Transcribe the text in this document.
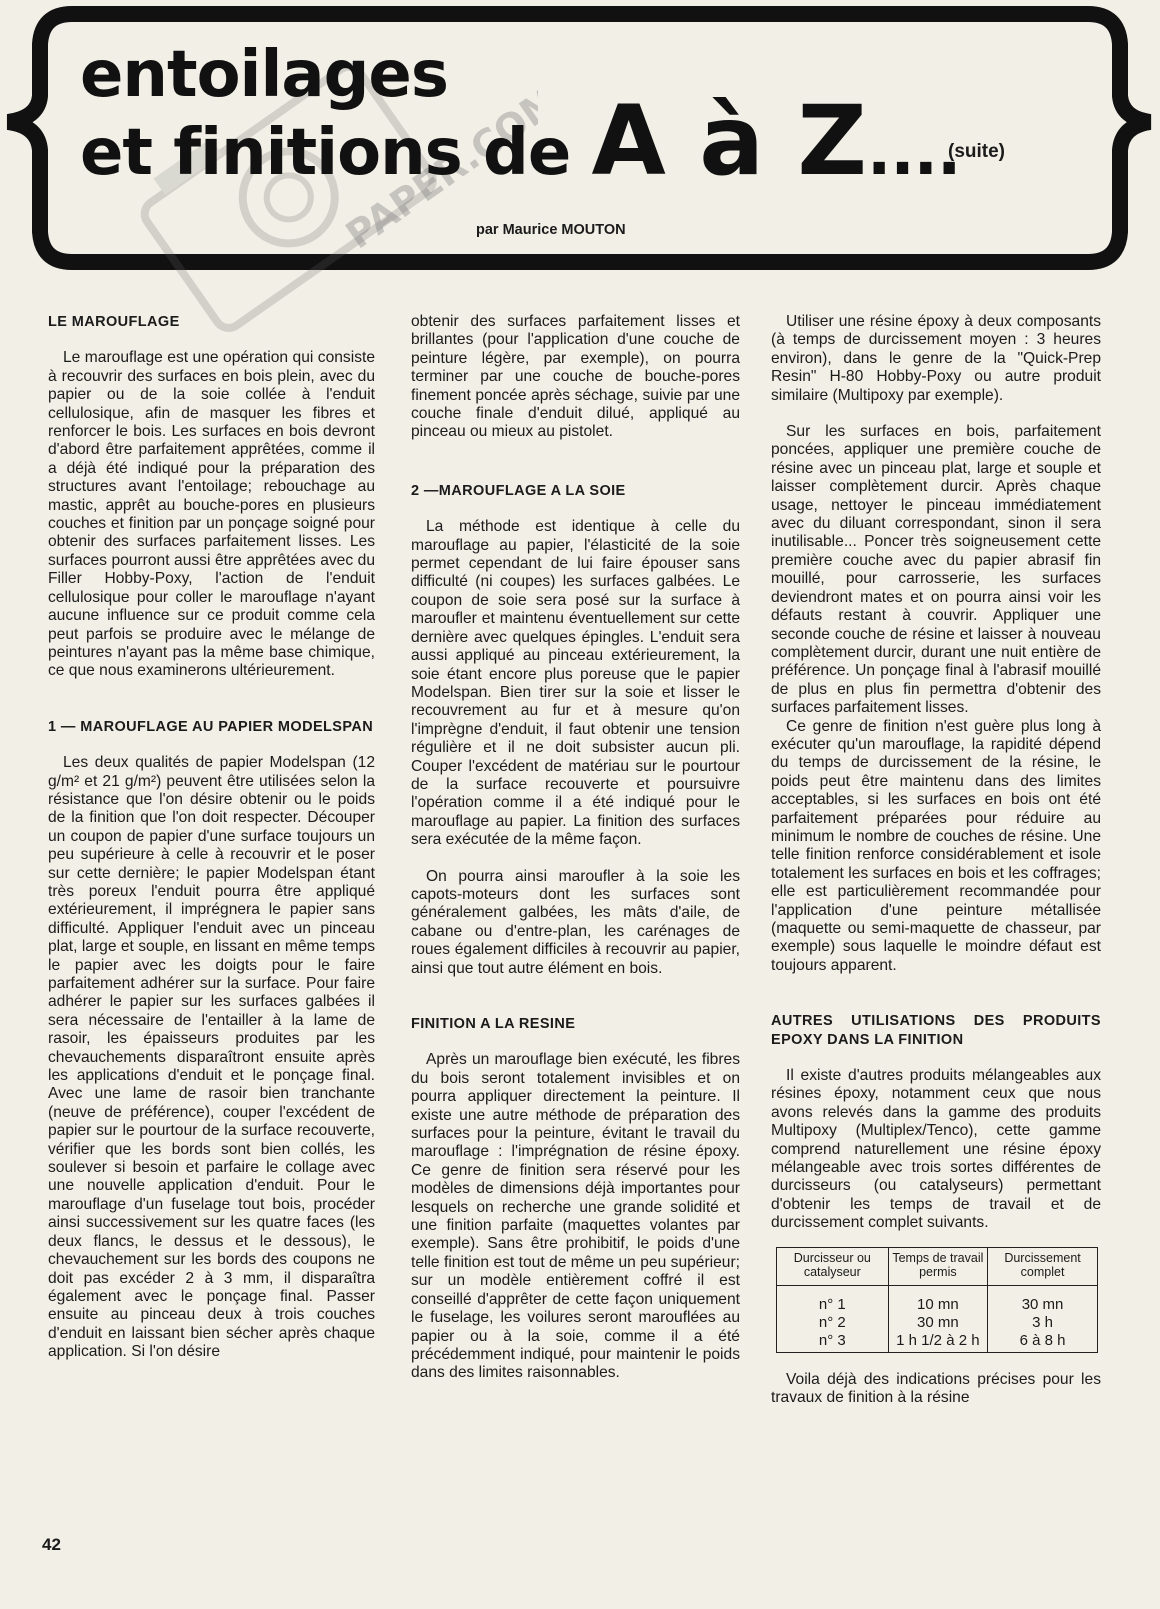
PAPER.COM
entoilages
et finitions de A à Z....
(suite)
par Maurice MOUTON
LE MAROUFLAGE

Le marouflage est une opération qui consiste à recouvrir des surfaces en bois plein, avec du papier ou de la soie collée à l'enduit cellulosique, afin de masquer les fibres et renforcer le bois. Les surfaces en bois devront d'abord être parfaitement apprêtées, comme il a déjà été indiqué pour la préparation des structures avant l'entoilage; rebouchage au mastic, apprêt au bouche-pores en plusieurs couches et finition par un ponçage soigné pour obtenir des surfaces parfaitement lisses. Les surfaces pourront aussi être apprêtées avec du Filler Hobby-Poxy, l'action de l'enduit cellulosique pour coller le marouflage n'ayant aucune influence sur ce produit comme cela peut parfois se produire avec le mélange de peintures n'ayant pas la même base chimique, ce que nous examinerons ultérieurement.

1 — MAROUFLAGE AU PAPIER MODELSPAN

Les deux qualités de papier Modelspan (12 g/m² et 21 g/m²) peuvent être utilisées selon la résistance que l'on désire obtenir ou le poids de la finition que l'on doit respecter. Découper un coupon de papier d'une surface toujours un peu supérieure à celle à recouvrir et le poser sur cette dernière; le papier Modelspan étant très poreux l'enduit pourra être appliqué extérieurement, il imprégnera le papier sans difficulté. Appliquer l'enduit avec un pinceau plat, large et souple, en lissant en même temps le papier avec les doigts pour le faire parfaitement adhérer sur la surface. Pour faire adhérer le papier sur les surfaces galbées il sera nécessaire de l'entailler à la lame de rasoir, les épaisseurs produites par les chevauchements disparaîtront ensuite après les applications d'enduit et le ponçage final. Avec une lame de rasoir bien tranchante (neuve de préférence), couper l'excédent de papier sur le pourtour de la surface recouverte, vérifier que les bords sont bien collés, les soulever si besoin et parfaire le collage avec une nouvelle application d'enduit. Pour le marouflage d'un fuselage tout bois, procéder ainsi successivement sur les quatre faces (les deux flancs, le dessus et le dessous), le chevauchement sur les bords des coupons ne doit pas excéder 2 à 3 mm, il disparaîtra également avec le ponçage final. Passer ensuite au pinceau deux à trois couches d'enduit en laissant bien sécher après chaque application. Si l'on désire

obtenir des surfaces parfaitement lisses et brillantes (pour l'application d'une couche de peinture légère, par exemple), on pourra terminer par une couche de bouche-pores finement poncée après séchage, suivie par une couche finale d'enduit dilué, appliqué au pinceau ou mieux au pistolet.

2 —MAROUFLAGE A LA SOIE

La méthode est identique à celle du marouflage au papier, l'élasticité de la soie permet cependant de lui faire épouser sans difficulté (ni coupes) les surfaces galbées. Le coupon de soie sera posé sur la surface à maroufler et maintenu éventuellement sur cette dernière avec quelques épingles. L'enduit sera aussi appliqué au pinceau extérieurement, la soie étant encore plus poreuse que le papier Modelspan. Bien tirer sur la soie et lisser le recouvrement au fur et à mesure qu'on l'imprègne d'enduit, il faut obtenir une tension régulière et il ne doit subsister aucun pli. Couper l'excédent de matériau sur le pourtour de la surface recouverte et poursuivre l'opération comme il a été indiqué pour le marouflage au papier. La finition des surfaces sera exécutée de la même façon.

On pourra ainsi maroufler à la soie les capots-moteurs dont les surfaces sont généralement galbées, les mâts d'aile, de cabane ou d'entre-plan, les carénages de roues également difficiles à recouvrir au papier, ainsi que tout autre élément en bois.

FINITION A LA RESINE

Après un marouflage bien exécuté, les fibres du bois seront totalement invisibles et on pourra appliquer directement la peinture. Il existe une autre méthode de préparation des surfaces pour la peinture, évitant le travail du marouflage : l'imprégnation de résine époxy. Ce genre de finition sera réservé pour les modèles de dimensions déjà importantes pour lesquels on recherche une grande solidité et une finition parfaite (maquettes volantes par exemple). Sans être prohibitif, le poids d'une telle finition est tout de même un peu supérieur; sur un modèle entièrement coffré il est conseillé d'apprêter de cette façon uniquement le fuselage, les voilures seront marouflées au papier ou à la soie, comme il a été précédemment indiqué, pour maintenir le poids dans des limites raisonnables.

Utiliser une résine époxy à deux composants (à temps de durcissement moyen : 3 heures environ), dans le genre de la "Quick-Prep Resin" H-80 Hobby-Poxy ou autre produit similaire (Multipoxy par exemple).

Sur les surfaces en bois, parfaitement poncées, appliquer une première couche de résine avec un pinceau plat, large et souple et laisser complètement durcir. Après chaque usage, nettoyer le pinceau immédiatement avec du diluant correspondant, sinon il sera inutilisable... Poncer très soigneusement cette première couche avec du papier abrasif fin mouillé, pour carrosserie, les surfaces deviendront mates et on pourra ainsi voir les défauts restant à couvrir. Appliquer une seconde couche de résine et laisser à nouveau complètement durcir, durant une nuit entière de préférence. Un ponçage final à l'abrasif mouillé de plus en plus fin permettra d'obtenir des surfaces parfaitement lisses.

Ce genre de finition n'est guère plus long à exécuter qu'un marouflage, la rapidité dépend du temps de durcissement de la résine, le poids peut être maintenu dans des limites acceptables, si les surfaces en bois ont été parfaitement préparées pour réduire au minimum le nombre de couches de résine. Une telle finition renforce considérablement et isole totalement les surfaces en bois et les coffrages; elle est particulièrement recommandée pour l'application d'une peinture métallisée (maquette ou semi-maquette de chasseur, par exemple) sous laquelle le moindre défaut est toujours apparent.

AUTRES UTILISATIONS DES PRODUITS EPOXY DANS LA FINITION

Il existe d'autres produits mélangeables aux résines époxy, notamment ceux que nous avons relevés dans la gamme des produits Multipoxy (Multiplex/Tenco), cette gamme comprend naturellement une résine époxy mélangeable avec trois sortes différentes de durcisseurs (ou catalyseurs) permettant d'obtenir les temps de travail et de durcissement complet suivants.

Durcisseur ou catalyseur	Temps de travail permis	Durcissement complet
n° 1	10 mn	30 mn
n° 2	30 mn	3 h
n° 3	1 h 1/2 à 2 h	6 à 8 h

Voila déjà des indications précises pour les travaux de finition à la résine

42
